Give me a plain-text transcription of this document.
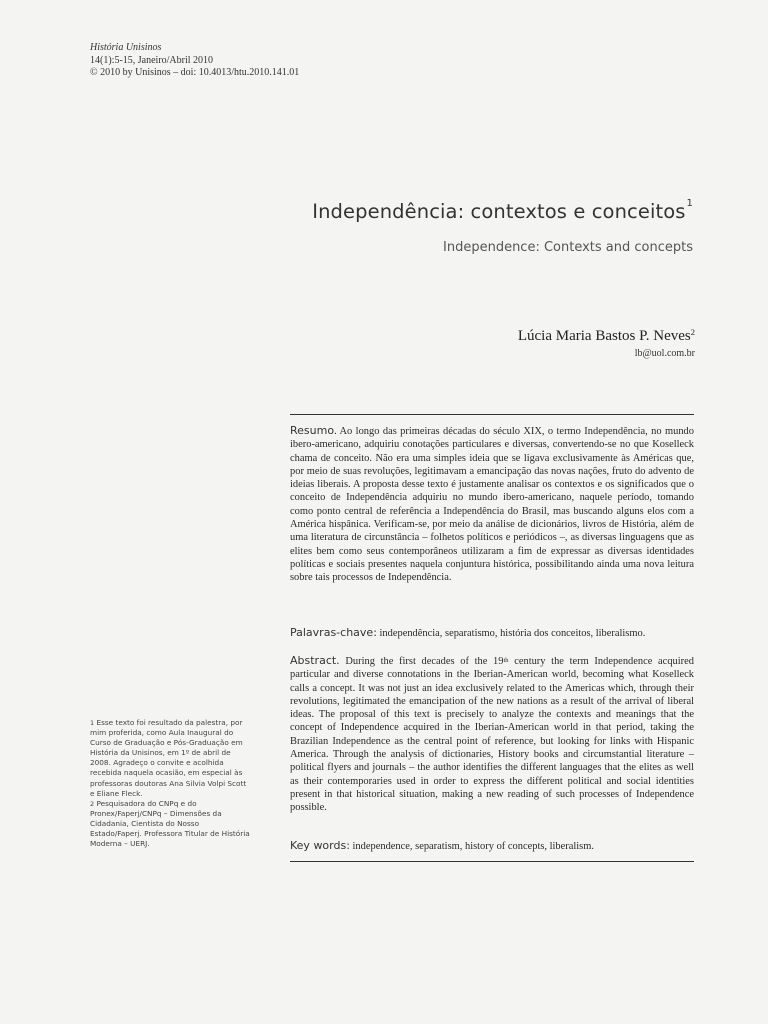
História Unisinos
14(1):5-15, Janeiro/Abril 2010
© 2010 by Unisinos – doi: 10.4013/htu.2010.141.01
Independência: contextos e conceitos$^1$
Independence: Contexts and concepts
Lúcia Maria Bastos P. Neves$^2$
lb@uol.com.br
Resumo. Ao longo das primeiras décadas do século XIX, o termo Independência, no mundo ibero-americano, adquiriu conotações particulares e diversas, convertendo-se no que Koselleck chama de conceito. Não era uma simples ideia que se ligava exclusivamente às Américas que, por meio de suas revoluções, legitimavam a emancipação das novas nações, fruto do advento de ideias liberais. A proposta desse texto é justamente analisar os contextos e os significados que o conceito de Independência adquiriu no mundo ibero-americano, naquele período, tomando como ponto central de referência a Independência do Brasil, mas buscando alguns elos com a América hispânica. Verificam-se, por meio da análise de dicionários, livros de História, além de uma literatura de circunstância – folhetos políticos e periódicos –, as diversas linguagens que as elites bem como seus contemporâneos utilizaram a fim de expressar as diversas identidades políticas e sociais presentes naquela conjuntura histórica, possibilitando ainda uma nova leitura sobre tais processos de Independência.
Palavras-chave: independência, separatismo, história dos conceitos, liberalismo.
Abstract. During the first decades of the 19th century the term Independence acquired particular and diverse connotations in the Iberian-American world, becoming what Koselleck calls a concept. It was not just an idea exclusively related to the Americas which, through their revolutions, legitimated the emancipation of the new nations as a result of the arrival of liberal ideas. The proposal of this text is precisely to analyze the contexts and meanings that the concept of Independence acquired in the Iberian-American world in that period, taking the Brazilian Independence as the central point of reference, but looking for links with Hispanic America. Through the analysis of dictionaries, History books and circumstantial literature – political flyers and journals – the author identifies the different languages that the elites as well as their contemporaries used in order to express the different political and social identities present in that historical situation, making a new reading of such processes of Independence possible.
Key words: independence, separatism, history of concepts, liberalism.

$^1$ Esse texto foi resultado da palestra, por mim proferida, como Aula Inaugural do Curso de Graduação e Pós-Graduação em História da Unisinos, em 1º de abril de 2008. Agradeço o convite e acolhida recebida naquela ocasião, em especial às professoras doutoras Ana Silvia Volpi Scott e Eliane Fleck.

$^2$ Pesquisadora do CNPq e do Pronex/Faperj/CNPq – Dimensões da Cidadania, Cientista do Nosso Estado/Faperj. Professora Titular de História Moderna – UERJ.
